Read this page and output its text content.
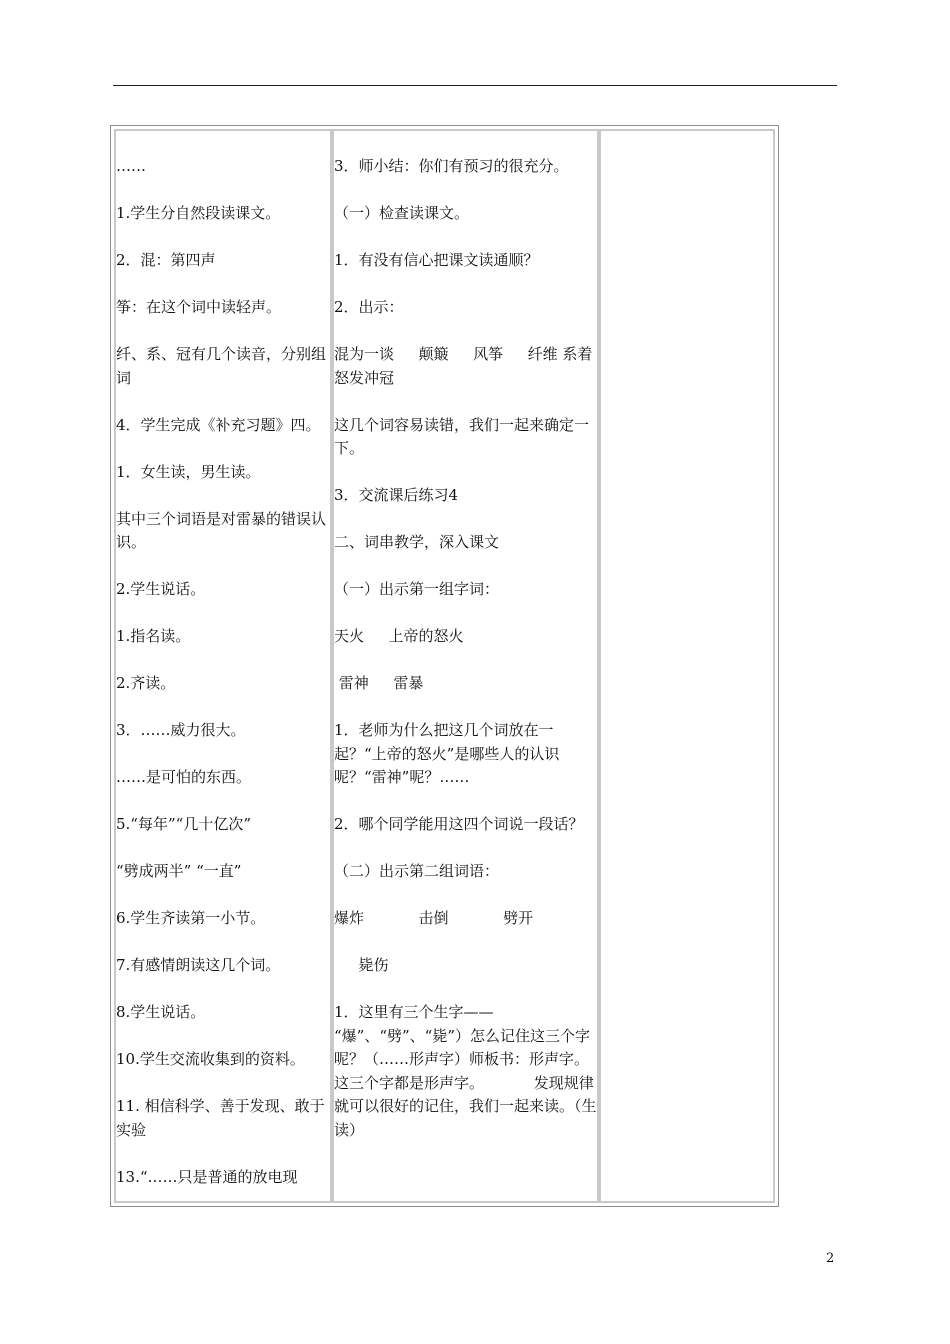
……

1.学生分自然段读课文。

2．混：第四声

筝：在这个词中读轻声。

纤、系、冠有几个读音，分别组词

4．学生完成《补充习题》四。

1．女生读，男生读。

其中三个词语是对雷暴的错误认识。

2.学生说话。

1.指名读。

2.齐读。

3．……威力很大。

……是可怕的东西。

5.“每年”“几十亿次”

“劈成两半” “一直”

6.学生齐读第一小节。

7.有感情朗读这几个词。

8.学生说话。

10.学生交流收集到的资料。

11. 相信科学、善于发现、敢于实验

13.“……只是普通的放电现

3．师小结：你们有预习的很充分。

（一）检查读课文。

1．有没有信心把课文读通顺？

2．出示：

混为一谈 　 颠簸 　 风筝 　 纤维 系着 　怒发冲冠

这几个词容易读错，我们一起来确定一下。

3．交流课后练习4

二、词串教学，深入课文

（一）出示第一组字词：

天火 　 上帝的怒火

雷神 　 雷暴

1．老师为什么把这几个词放在一起？“上帝的怒火”是哪些人的认识呢？“雷神”呢？……

2．哪个同学能用这四个词说一段话？

（二）出示第二组词语：

爆炸 　　　 击倒 　　　 劈开

　 毙伤

1．这里有三个生字—— “爆”、“劈”、“毙”）怎么记住这三个字呢？（……形声字）师板书：形声字。这三个字都是形声字。 　　　发现规律就可以很好的记住，我们一起来读。（生读）

2
